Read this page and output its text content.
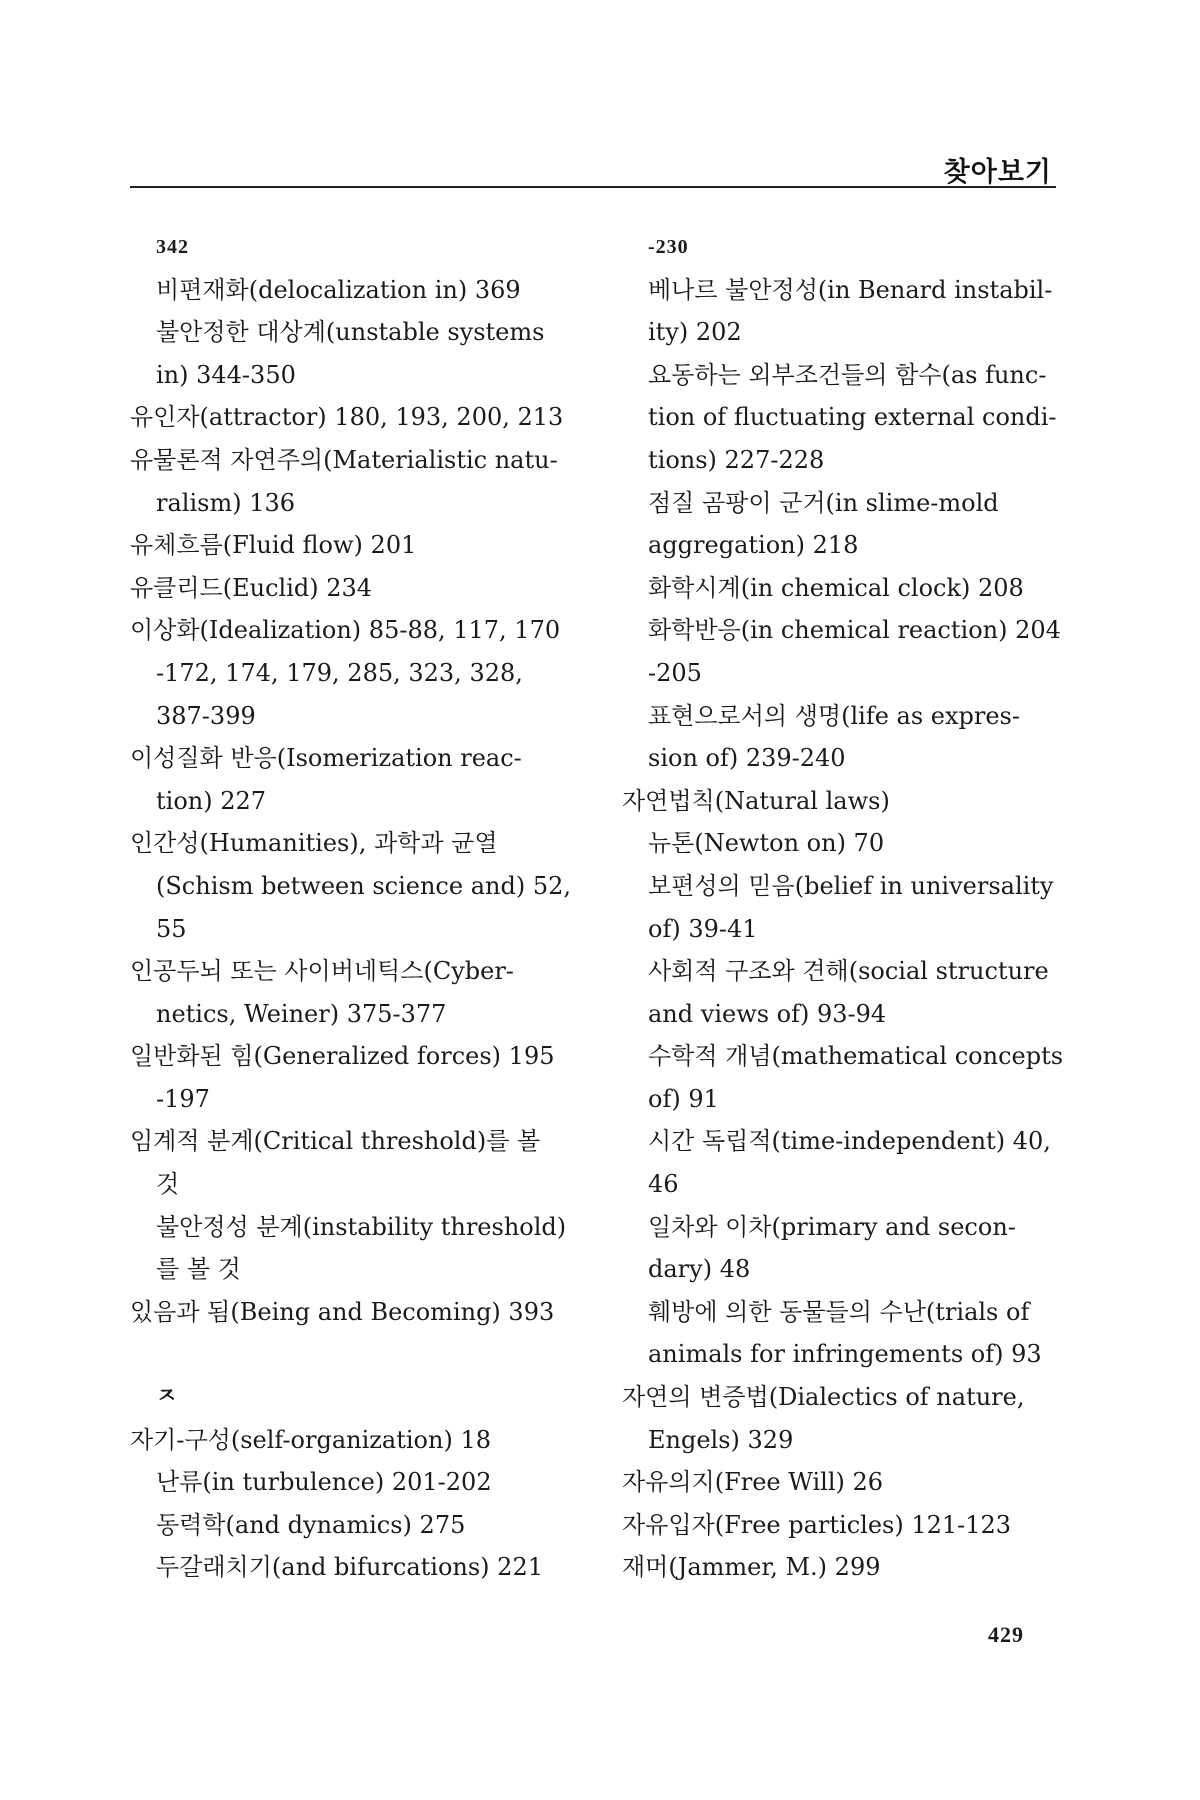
찾아보기
342
비편재화(delocalization in) 369
불안정한 대상계(unstable systems
in) 344-350
유인자(attractor) 180, 193, 200, 213
유물론적 자연주의(Materialistic natu-
ralism) 136
유체흐름(Fluid flow) 201
유클리드(Euclid) 234
이상화(Idealization) 85-88, 117, 170
-172, 174, 179, 285, 323, 328,
387-399
이성질화 반응(Isomerization reac-
tion) 227
인간성(Humanities), 과학과 균열
(Schism between science and) 52,
55
인공두뇌 또는 사이버네틱스(Cyber-
netics, Weiner) 375-377
일반화된 힘(Generalized forces) 195
-197
임계적 분계(Critical threshold)를 볼
것
불안정성 분계(instability threshold)
를 볼 것
있음과 됨(Being and Becoming) 393
ㅈ
자기-구성(self-organization) 18
난류(in turbulence) 201-202
동력학(and dynamics) 275
두갈래치기(and bifurcations) 221
-230
베나르 불안정성(in Benard instabil-
ity) 202
요동하는 외부조건들의 함수(as func-
tion of fluctuating external condi-
tions) 227-228
점질 곰팡이 군거(in slime-mold
aggregation) 218
화학시계(in chemical clock) 208
화학반응(in chemical reaction) 204
-205
표현으로서의 생명(life as expres-
sion of) 239-240
자연법칙(Natural laws)
뉴톤(Newton on) 70
보편성의 믿음(belief in universality
of) 39-41
사회적 구조와 견해(social structure
and views of) 93-94
수학적 개념(mathematical concepts
of) 91
시간 독립적(time-independent) 40,
46
일차와 이차(primary and secon-
dary) 48
훼방에 의한 동물들의 수난(trials of
animals for infringements of) 93
자연의 변증법(Dialectics of nature,
Engels) 329
자유의지(Free Will) 26
자유입자(Free particles) 121-123
재머(Jammer, M.) 299
429
